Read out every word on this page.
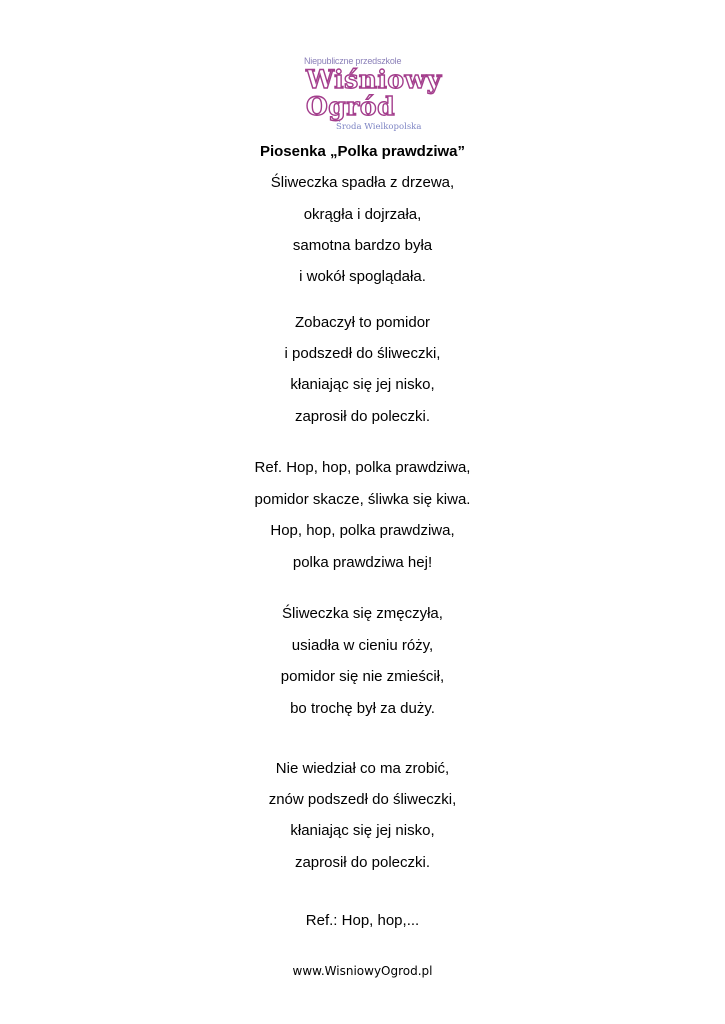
Niepubliczne przedszkole
Wiśniowy
Ogród
Środa Wielkopolska
Piosenka „Polka prawdziwa”
Śliweczka spadła z drzewa,
okrągła i dojrzała,
samotna bardzo była
i wokół spoglądała.
Zobaczył to pomidor
i podszedł do śliweczki,
kłaniając się jej nisko,
zaprosił do poleczki.
Ref. Hop, hop, polka prawdziwa,
pomidor skacze, śliwka się kiwa.
Hop, hop, polka prawdziwa,
polka prawdziwa hej!
Śliweczka się zmęczyła,
usiadła w cieniu róży,
pomidor się nie zmieścił,
bo trochę był za duży.
Nie wiedział co ma zrobić,
znów podszedł do śliweczki,
kłaniając się jej nisko,
zaprosił do poleczki.
Ref.: Hop, hop,...
www.WisniowyOgrod.pl
